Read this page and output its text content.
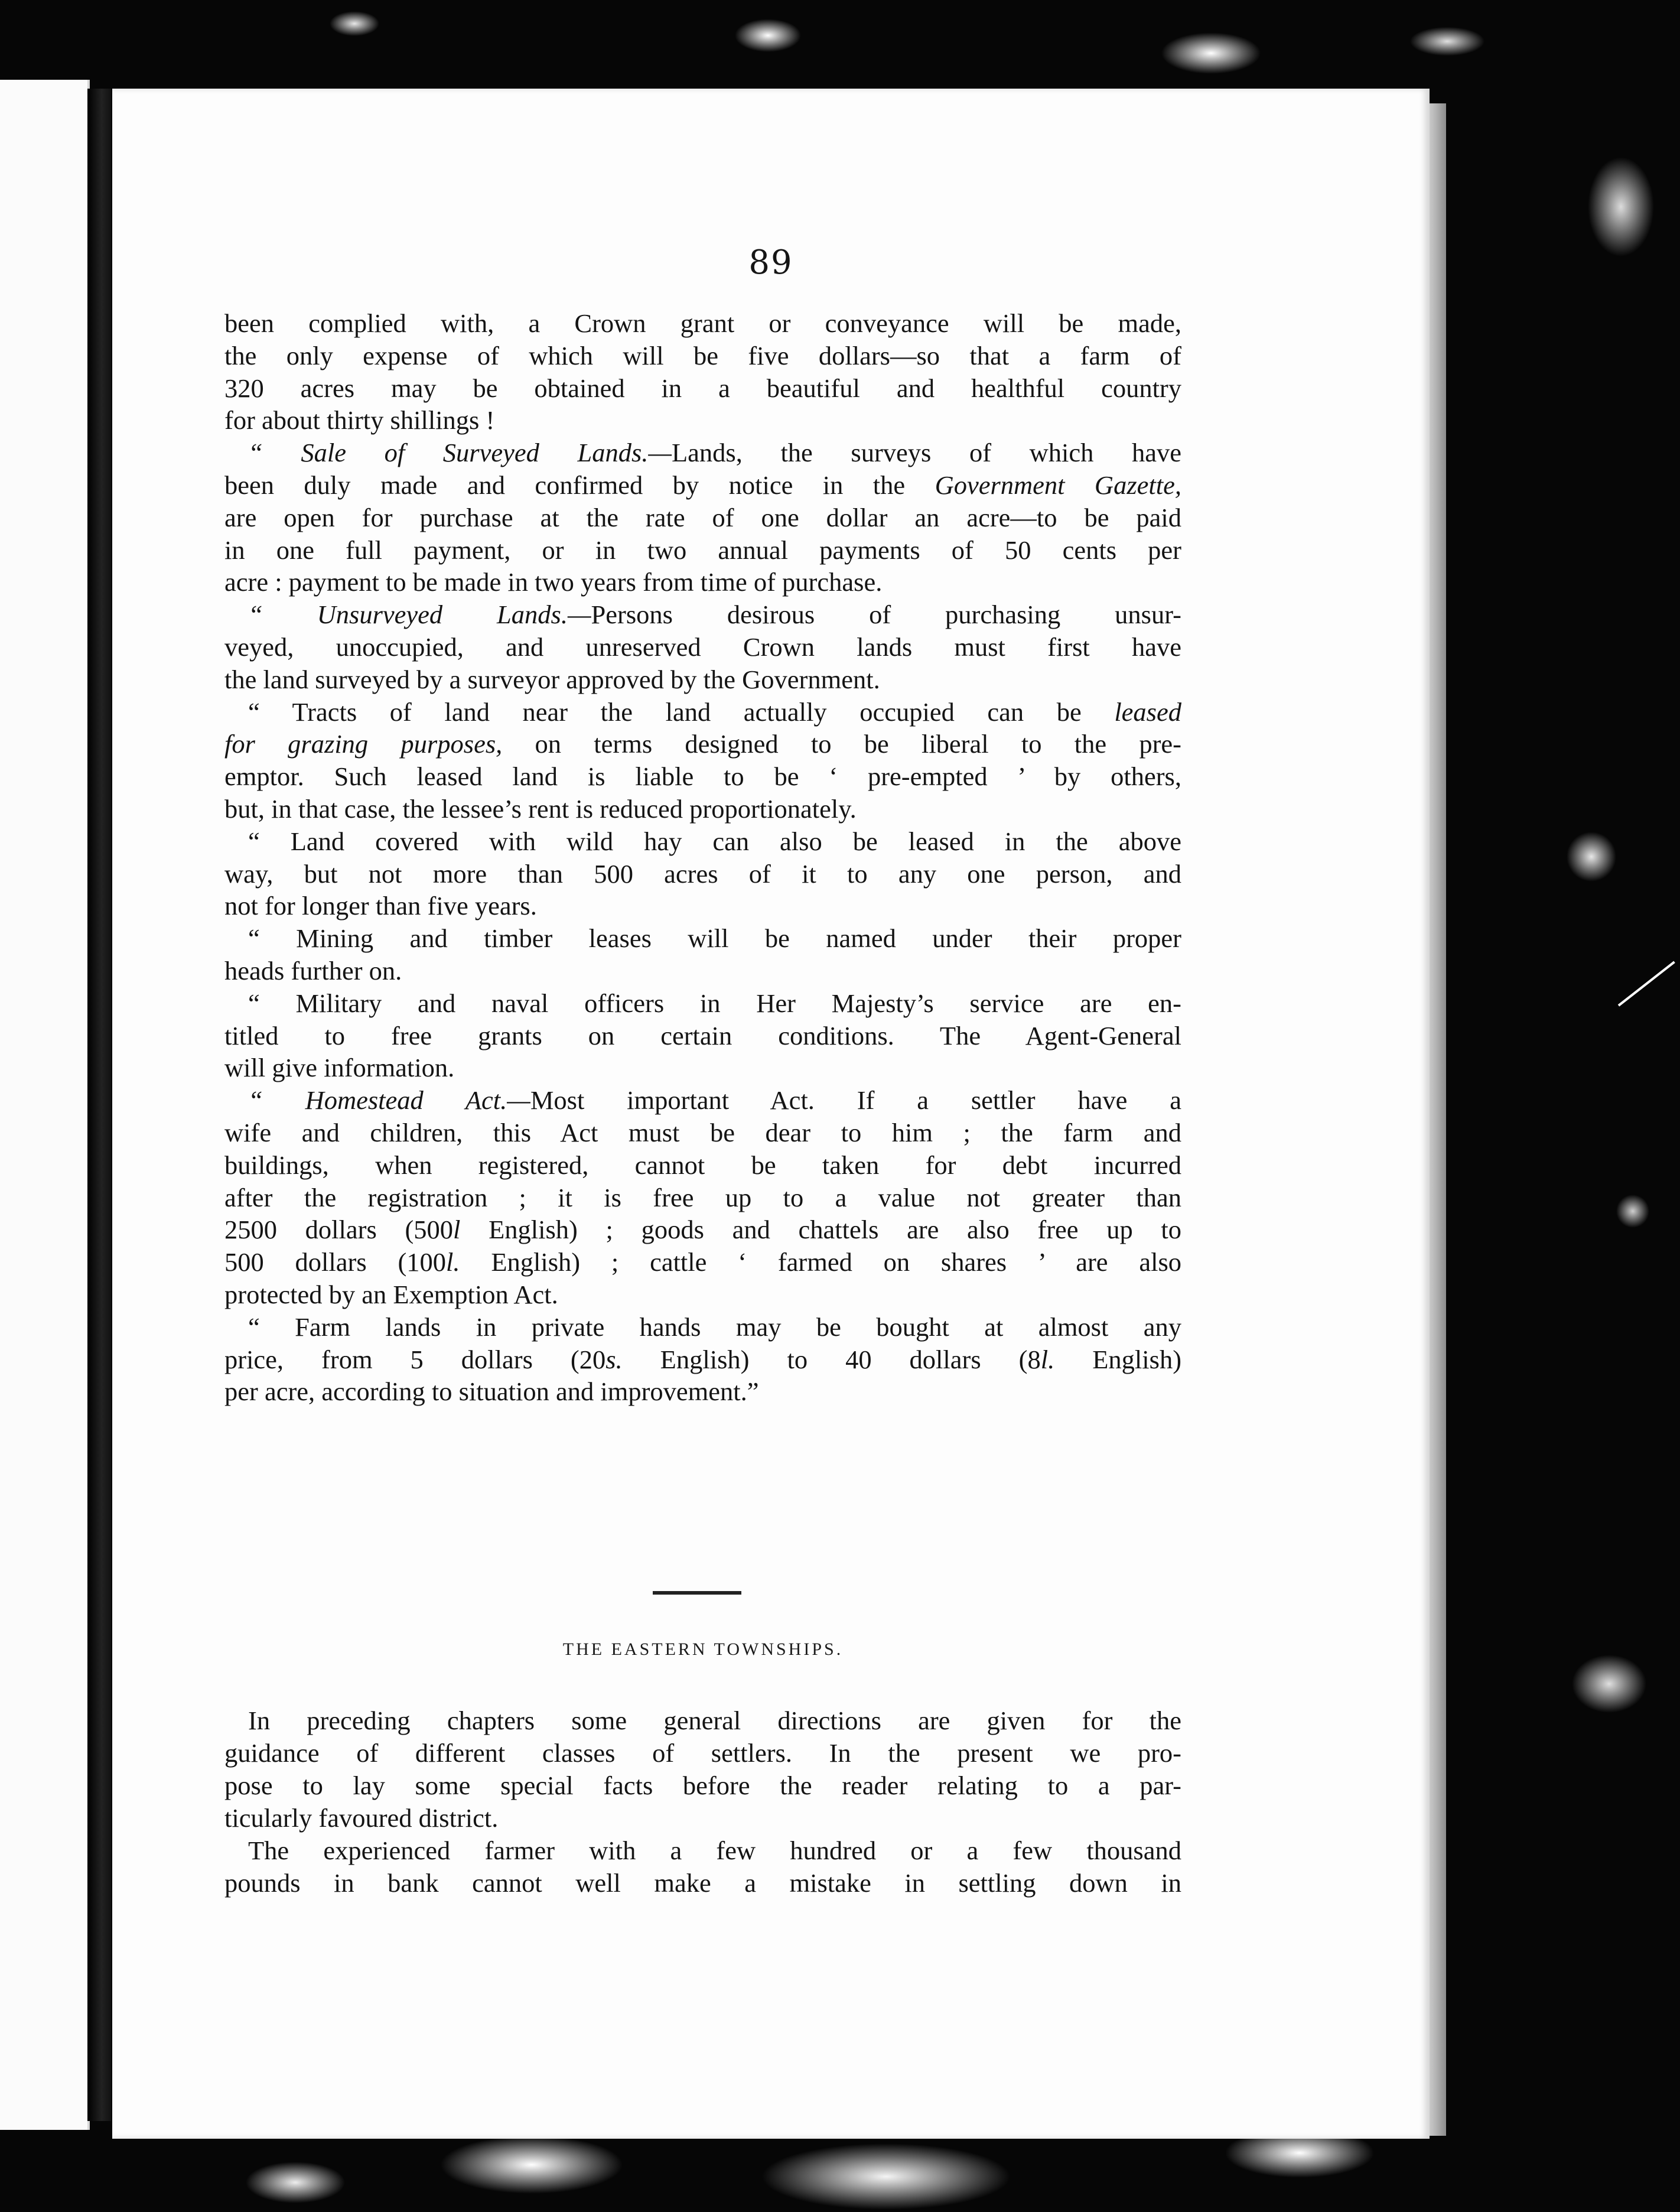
89

been complied with, a Crown grant or conveyance will be made,
the only expense of which will be five dollars—so that a farm of
320 acres may be obtained in a beautiful and healthful country

for about thirty shillings !

“ Sale of Surveyed Lands.—Lands, the surveys of which have

been duly made and confirmed by notice in the Government Gazette,

are open for purchase at the rate of one dollar an acre—to be paid

in one full payment, or in two annual payments of 50 cents per

acre : payment to be made in two years from time of purchase.

“ Unsurveyed Lands.—Persons desirous of purchasing unsur-

veyed, unoccupied, and unreserved Crown lands must first have

the land surveyed by a surveyor approved by the Government.

“ Tracts of land near the land actually occupied can be leased

for grazing purposes, on terms designed to be liberal to the pre-

emptor. Such leased land is liable to be ‘ pre-empted ’ by others,

but, in that case, the lessee’s rent is reduced proportionately.

“ Land covered with wild hay can also be leased in the above

way, but not more than 500 acres of it to any one person, and

not for longer than five years.

“ Mining and timber leases will be named under their proper

heads further on.

“ Military and naval officers in Her Majesty’s service are en-

titled to free grants on certain conditions. The Agent-General

will give information.

“ Homestead Act.—Most important Act. If a settler have a

wife and children, this Act must be dear to him ; the farm and

buildings, when registered, cannot be taken for debt incurred

after the registration ; it is free up to a value not greater than

2500 dollars (500l English) ; goods and chattels are also free up to

500 dollars (100l. English) ; cattle ‘ farmed on shares ’ are also

protected by an Exemption Act.

“ Farm lands in private hands may be bought at almost any

price, from 5 dollars (20s. English) to 40 dollars (8l. English)

per acre, according to situation and improvement.”

THE EASTERN TOWNSHIPS.

In preceding chapters some general directions are given for the

guidance of different classes of settlers. In the present we pro-

pose to lay some special facts before the reader relating to a par-

ticularly favoured district.

The experienced farmer with a few hundred or a few thousand

pounds in bank cannot well make a mistake in settling down in
